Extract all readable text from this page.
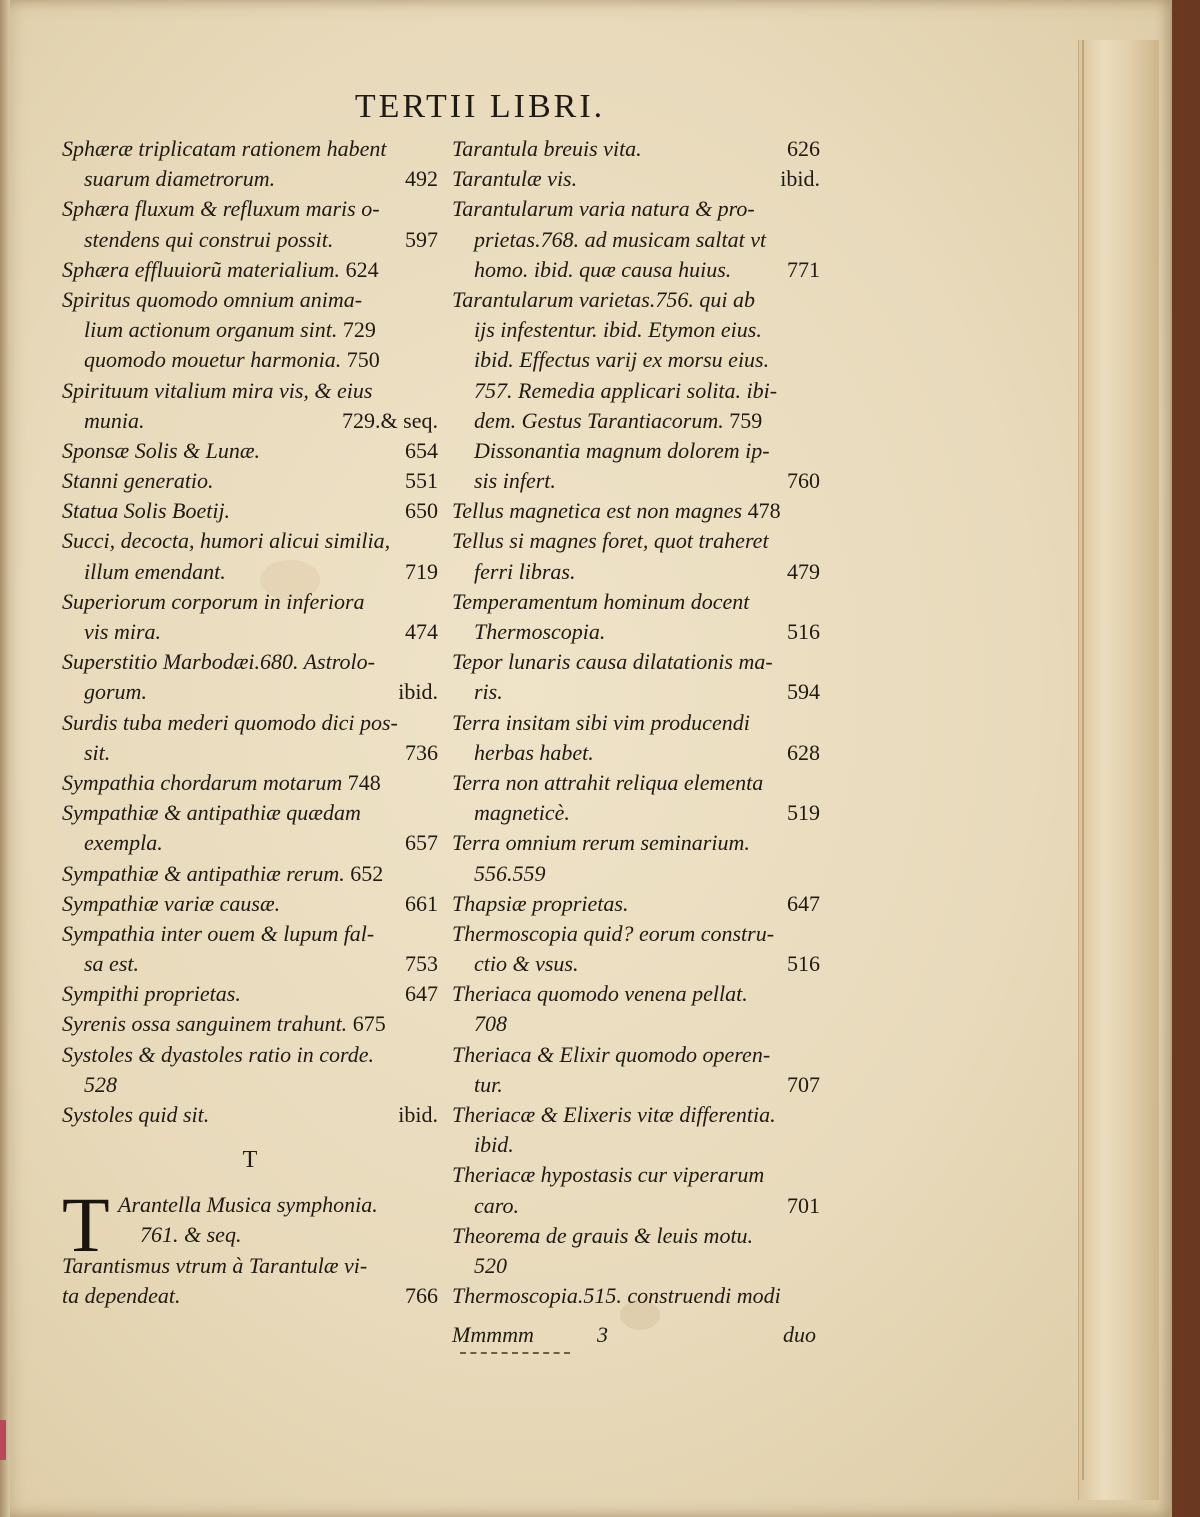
TERTII LIBRI.
Sphæræ triplicatam rationem habent
suarum diametrorum.	492
Sphæra fluxum & refluxum maris o-
stendens qui construi possit.	597
Sphæra effluuiorũ materialium. 624
Spiritus quomodo omnium anima-
lium actionum organum sint. 729
quomodo mouetur harmonia. 750
Spirituum vitalium mira vis, & eius
munia.	729.& seq.
Sponsæ Solis & Lunæ.	654
Stanni generatio.	551
Statua Solis Boetij.	650
Succi, decocta, humori alicui similia,
illum emendant.	719
Superiorum corporum in inferiora
vis mira.	474
Superstitio Marbodæi.680. Astrolo-
gorum.	ibid.
Surdis tuba mederi quomodo dici pos-
sit.	736
Sympathia chordarum motarum 748
Sympathiæ & antipathiæ quædam
exempla.	657
Sympathiæ & antipathiæ rerum. 652
Sympathiæ variæ causæ.	661
Sympathia inter ouem & lupum fal-
sa est.	753
Sympithi proprietas.	647
Syrenis ossa sanguinem trahunt. 675
Systoles & dyastoles ratio in corde.
528
Systoles quid sit.	ibid.
T
T Arantella Musica symphonia.
761. & seq.
Tarantismus vtrum à Tarantulæ vi-
ta dependeat.	766
Tarantula breuis vita.	626
Tarantulæ vis.	ibid.
Tarantularum varia natura & pro-
prietas.768. ad musicam saltat vt
homo. ibid. quæ causa huius.	771
Tarantularum varietas.756. qui ab
ijs infestentur. ibid. Etymon eius.
ibid. Effectus varij ex morsu eius.
757. Remedia applicari solita. ibi-
dem. Gestus Tarantiacorum. 759
Dissonantia magnum dolorem ip-
sis infert.	760
Tellus magnetica est non magnes 478
Tellus si magnes foret, quot traheret
ferri libras.	479
Temperamentum hominum docent
Thermoscopia.	516
Tepor lunaris causa dilatationis ma-
ris.	594
Terra insitam sibi vim producendi
herbas habet.	628
Terra non attrahit reliqua elementa
magneticè.	519
Terra omnium rerum seminarium.
556.559
Thapsiæ proprietas.	647
Thermoscopia quid? eorum constru-
ctio & vsus.	516
Theriaca quomodo venena pellat.
708
Theriaca & Elixir quomodo operen-
tur.	707
Theriacæ & Elixeris vitæ differentia.
ibid.
Theriacæ hypostasis cur viperarum
caro.	701
Theorema de grauis & leuis motu.
520
Thermoscopia.515. construendi modi
Mmmmm	3	duo
